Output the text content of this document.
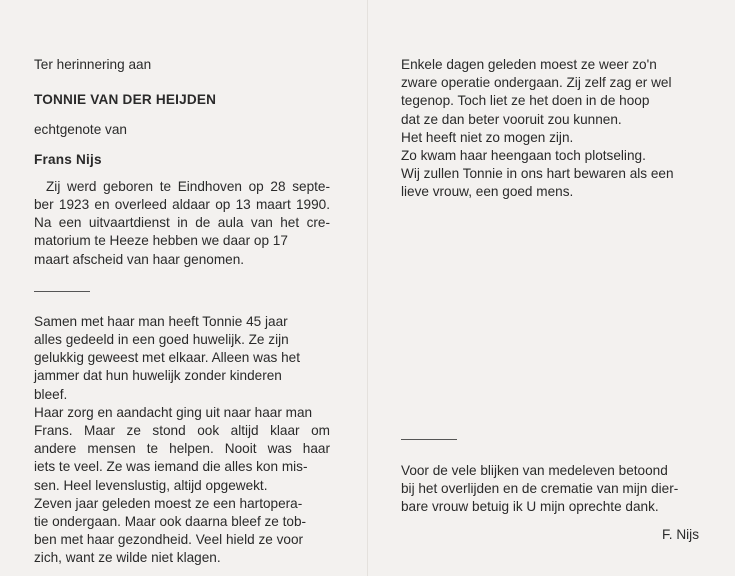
Ter herinnering aan
TONNIE VAN DER HEIJDEN
echtgenote van
Frans Nijs
Zij werd geboren te Eindhoven op 28 septe-
ber 1923 en overleed aldaar op 13 maart 1990.
Na een uitvaartdienst in de aula van het cre-
matorium te Heeze hebben we daar op 17
maart afscheid van haar genomen.
Samen met haar man heeft Tonnie 45 jaar
alles gedeeld in een goed huwelijk. Ze zijn
gelukkig geweest met elkaar. Alleen was het
jammer dat hun huwelijk zonder kinderen
bleef.
Haar zorg en aandacht ging uit naar haar man
Frans. Maar ze stond ook altijd klaar om
andere mensen te helpen. Nooit was haar
iets te veel. Ze was iemand die alles kon mis-
sen. Heel levenslustig, altijd opgewekt.
Zeven jaar geleden moest ze een hartopera-
tie ondergaan. Maar ook daarna bleef ze tob-
ben met haar gezondheid. Veel hield ze voor
zich, want ze wilde niet klagen.
Enkele dagen geleden moest ze weer zo'n
zware operatie ondergaan. Zij zelf zag er wel
tegenop. Toch liet ze het doen in de hoop
dat ze dan beter vooruit zou kunnen.
Het heeft niet zo mogen zijn.
Zo kwam haar heengaan toch plotseling.
Wij zullen Tonnie in ons hart bewaren als een
lieve vrouw, een goed mens.
Voor de vele blijken van medeleven betoond
bij het overlijden en de crematie van mijn dier-
bare vrouw betuig ik U mijn oprechte dank.
F. Nijs
